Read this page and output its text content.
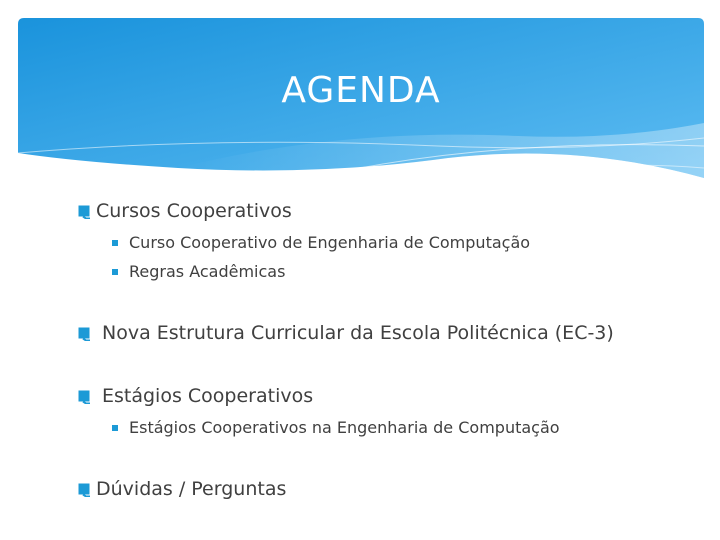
AGENDA
Cursos Cooperativos
Curso Cooperativo de Engenharia de Computação
Regras Acadêmicas
Nova Estrutura Curricular da Escola Politécnica (EC-3)
Estágios Cooperativos
Estágios Cooperativos na Engenharia de Computação
Dúvidas / Perguntas
